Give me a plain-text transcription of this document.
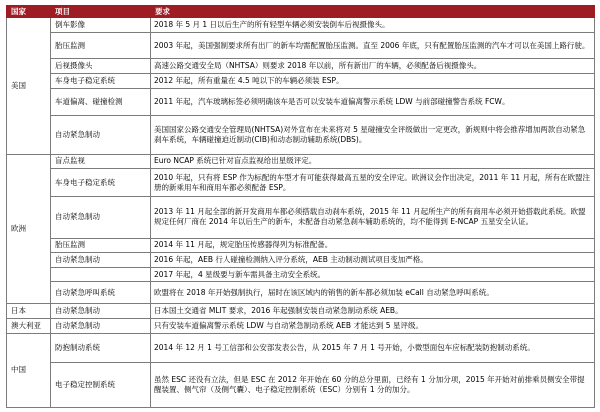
国家	项目	要求
美国	倒车影像	2018 年 5 月 1 日以后生产的所有轻型车辆必须安装倒车后视摄像头。
	胎压监测	2003 年起，美国强制要求所有出厂的新车均需配置胎压监测。直至 2006 年底，只有配置胎压监测的汽车才可以在美国上路行驶。
	后视摄像头	高速公路交通安全局（NHTSA）则要求 2018 年以前，所有新出厂的车辆，必须配备后视摄像头。
	车身电子稳定系统	2012 年起，所有重量在 4.5 吨以下的车辆必须装 ESP。
	车道偏离、碰撞检测	2011 年起，汽车玻璃标签必须明确该车是否可以安装车道偏离警示系统 LDW 与前部碰撞警告系统 FCW。
	自动紧急制动	美国国家公路交通安全管理局(NHTSA)对外宣布在未来将对 5 星碰撞安全评级做出一定更改，新规则中将会推荐增加两款自动紧急刹车系统，车辆碰撞迫近制动(CIB)和动态制动辅助系统(DBS)。
欧洲	盲点监视	Euro NCAP 系统已针对盲点监视给出星级评定。
	车身电子稳定系统	2010 年起，只有将 ESP 作为标配的车型才有可能获得最高五星的安全评定。欧洲议会作出决定，2011 年 11 月起，所有在欧盟注册的新乘用车和商用车都必须配备 ESP。
	自动紧急制动	2013 年 11 月起全部的新开发商用车都必须搭载自动刹车系统，2015 年 11 月起所生产的所有商用车必须开始搭载此系统。欧盟规定任何厂商在 2014 年以后生产的新车，未配备自动紧急刹车辅助系统的，均不能得到 E-NCAP 五星安全认证。
	胎压监测	2014 年 11 月起，规定胎压传感器得列为标准配备。
	自动紧急制动	2016 年起，AEB 行人碰撞检测纳入评分系统，AEB 主动制动测试项目变加严格。
		2017 年起，4 星级要与新车需具备主动安全系统。
	自动紧急呼叫系统	欧盟将在 2018 年开始强制执行，届时在该区域内的销售的新车都必须加装 eCall 自动紧急呼叫系统。
日本	自动紧急制动	日本国土交通省 MLIT 要求，2016 年起强制安装自动紧急制动系统 AEB。
澳大利亚	自动紧急制动	只有安装车道偏离警示系统 LDW 与自动紧急制动系统 AEB 才能达到 5 星评级。
中国	防抱制动系统	2014 年 12 月 1 号工信部和公安部发表公告，从 2015 年 7 月 1 号开始，小微型面包车应标配装防抱制动系统。
	电子稳定控制系统	虽然 ESC 还没有立法，但是 ESC 在 2012 年开始在 60 分的总分里面，已经有 1 分加分项，2015 年开始对前排乘员侧安全带提醒装置、侧气帘（及侧气囊）、电子稳定控制系统（ESC）分别有 1 分的加分。
